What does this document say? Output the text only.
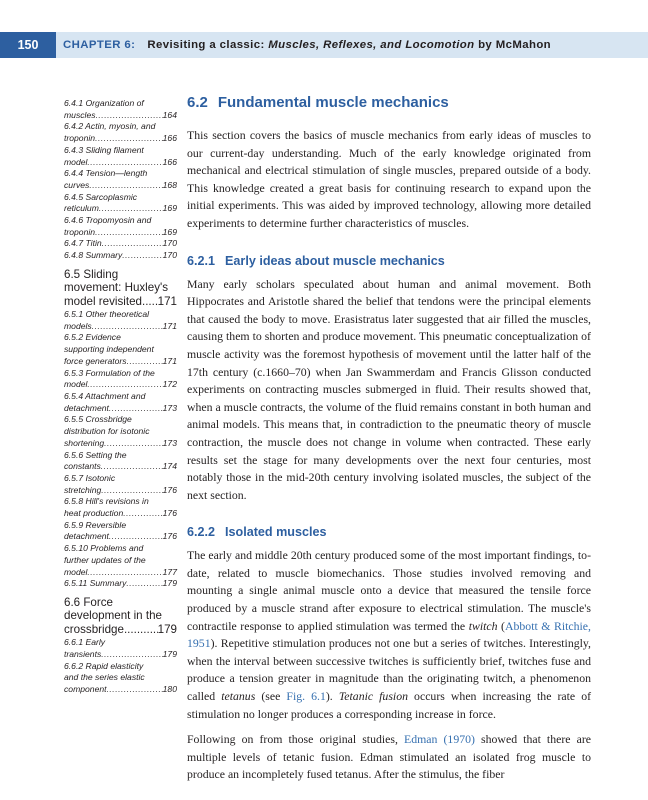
150	CHAPTER 6: Revisiting a classic: Muscles, Reflexes, and Locomotion by McMahon
6.4.1 Organization of
muscles .....	164
6.4.2 Actin, myosin, and
troponin .....	166
6.4.3 Sliding filament
model .....	166
6.4.4 Tension—length
curves .....	168
6.4.5 Sarcoplasmic
reticulum .....	169
6.4.6 Tropomyosin and
troponin .....	169
6.4.7 Titin .....	170
6.4.8 Summary .....	170
6.5 Sliding
movement: Huxley's
model revisited ..... 171
6.5.1 Other theoretical
models .....	171
6.5.2 Evidence
supporting independent
force generators .....	171
6.5.3 Formulation of the
model .....	172
6.5.4 Attachment and
detachment .....	173
6.5.5 Crossbridge
distribution for isotonic
shortening .....	173
6.5.6 Setting the
constants .....	174
6.5.7 Isotonic
stretching .....	176
6.5.8 Hill's revisions in
heat production .....	176
6.5.9 Reversible
detachment .....	176
6.5.10 Problems and
further updates of the
model .....	177
6.5.11 Summary .....	179
6.6 Force
development in the
crossbridge .....	179
6.6.1 Early
transients .....	179
6.6.2 Rapid elasticity
and the series elastic
component .....	180
6.2 Fundamental muscle mechanics

This section covers the basics of muscle mechanics from early ideas of muscles to our current-day understanding. Much of the early knowledge originated from mechanical and electrical stimulation of single muscles, prepared outside of a body. This knowledge created a great basis for continuing research to expand upon the initial experiments. This was aided by improved technology, allowing more detailed experiments to determine further characteristics of muscles.

6.2.1 Early ideas about muscle mechanics

Many early scholars speculated about human and animal movement. Both Hippocrates and Aristotle shared the belief that tendons were the principal elements that caused the body to move. Erasistratus later suggested that air filled the muscles, causing them to shorten and produce movement. This pneumatic conceptualization of muscle activity was the foremost hypothesis of movement until the latter half of the 17th century (c.1660–70) when Jan Swammerdam and Francis Glisson conducted experiments on contracting muscles submerged in fluid. Their results showed that, when a muscle contracts, the volume of the fluid remains constant in both human and animal models. This means that, in contradiction to the pneumatic theory of muscle contraction, the muscle does not change in volume when contracted. These early results set the stage for many developments over the next four centuries, most notably those in the mid-20th century involving isolated muscles, the subject of the next section.

6.2.2 Isolated muscles

The early and middle 20th century produced some of the most important findings, to-date, related to muscle biomechanics. Those studies involved removing and mounting a single animal muscle onto a device that measured the tensile force produced by a muscle strand after exposure to electrical stimulation. The muscle's contractile response to applied stimulation was termed the twitch (Abbott & Ritchie, 1951). Repetitive stimulation produces not one but a series of twitches. Interestingly, when the interval between successive twitches is sufficiently brief, twitches fuse and produce a tension greater in magnitude than the originating twitch, a phenomenon called tetanus (see Fig. 6.1). Tetanic fusion occurs when increasing the rate of stimulation no longer produces a corresponding increase in force.

Following on from those original studies, Edman (1970) showed that there are multiple levels of tetanic fusion. Edman stimulated an isolated frog muscle to produce an incompletely fused tetanus. After the stimulus, the fiber
